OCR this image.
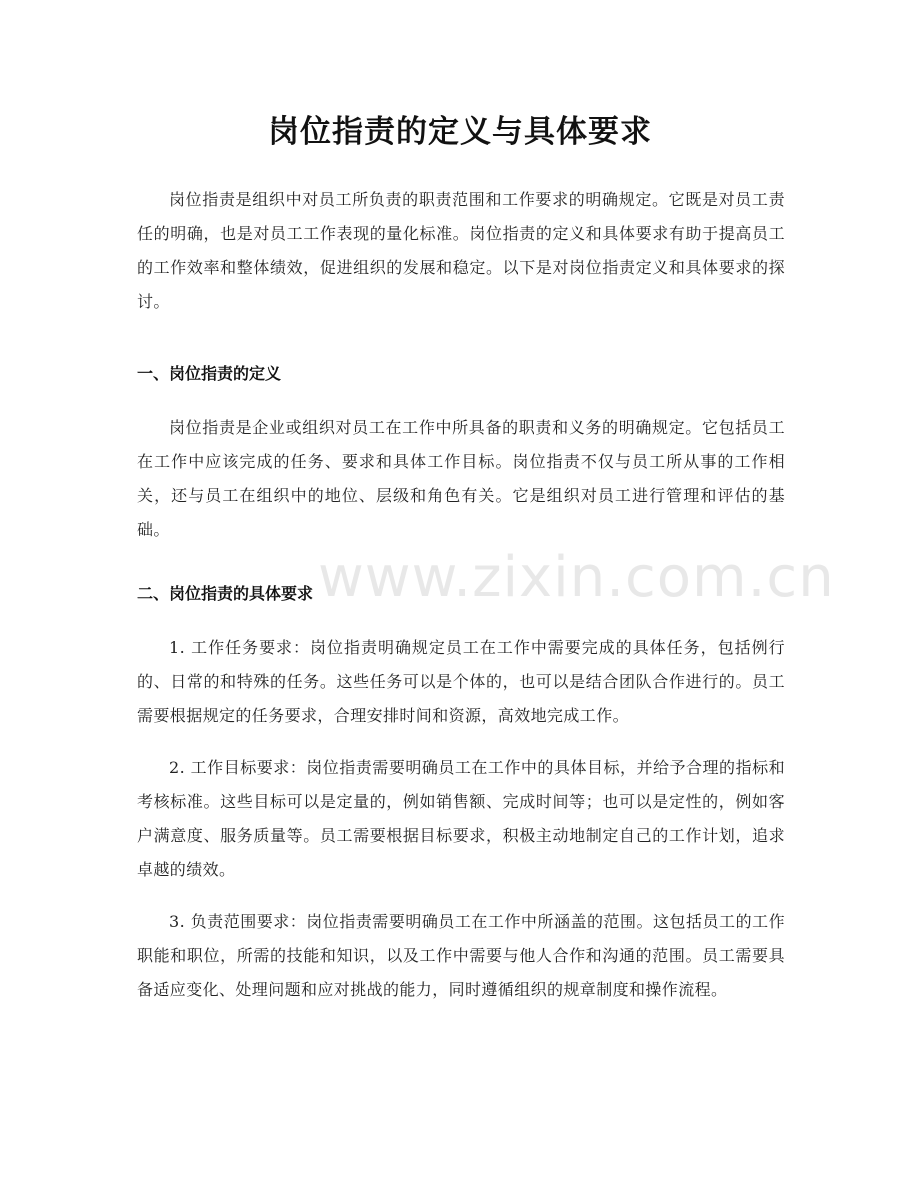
岗位指责的定义与具体要求

岗位指责是组织中对员工所负责的职责范围和工作要求的明确规定。它既是对员工责任的明确，也是对员工工作表现的量化标准。岗位指责的定义和具体要求有助于提高员工的工作效率和整体绩效，促进组织的发展和稳定。以下是对岗位指责定义和具体要求的探讨。

一、岗位指责的定义

岗位指责是企业或组织对员工在工作中所具备的职责和义务的明确规定。它包括员工在工作中应该完成的任务、要求和具体工作目标。岗位指责不仅与员工所从事的工作相关，还与员工在组织中的地位、层级和角色有关。它是组织对员工进行管理和评估的基础。

二、岗位指责的具体要求

1. 工作任务要求：岗位指责明确规定员工在工作中需要完成的具体任务，包括例行的、日常的和特殊的任务。这些任务可以是个体的，也可以是结合团队合作进行的。员工需要根据规定的任务要求，合理安排时间和资源，高效地完成工作。

2. 工作目标要求：岗位指责需要明确员工在工作中的具体目标，并给予合理的指标和考核标准。这些目标可以是定量的，例如销售额、完成时间等；也可以是定性的，例如客户满意度、服务质量等。员工需要根据目标要求，积极主动地制定自己的工作计划，追求卓越的绩效。

3. 负责范围要求：岗位指责需要明确员工在工作中所涵盖的范围。这包括员工的工作职能和职位，所需的技能和知识，以及工作中需要与他人合作和沟通的范围。员工需要具备适应变化、处理问题和应对挑战的能力，同时遵循组织的规章制度和操作流程。

www.zixin.com.cn
